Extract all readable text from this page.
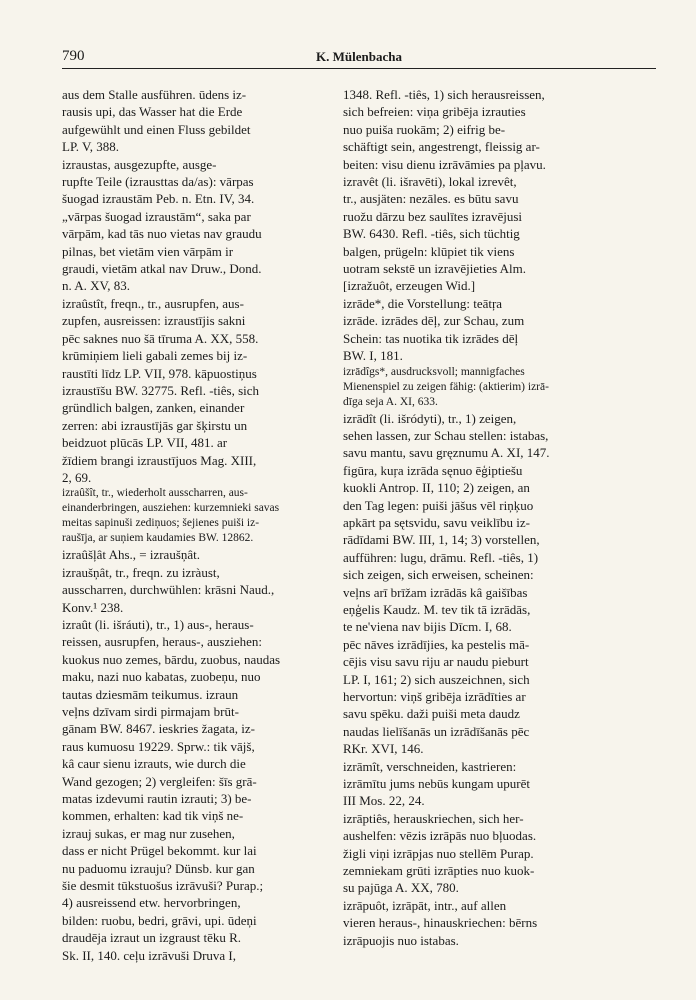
790	K. Mülenbacha
aus dem Stalle ausführen. ūdens iz-
rausis upi, das Wasser hat die Erde
aufgewühlt und einen Fluss gebildet
LP. V, 388.
izraustas, ausgezupfte, ausge-
rupfte Teile (izrausttas da/as): vārpas
šuogad izraustām Peb. n. Etn. IV, 34.
„vārpas šuogad izraustām“, saka par
vārpām, kad tās nuo vietas nav graudu
pilnas, bet vietām vien vārpām ir
graudi, vietām atkal nav Druw., Dond.
n. A. XV, 83.
izraûstît, freqn., tr., ausrupfen, aus-
zupfen, ausreissen: izraustījis sakni
pēc saknes nuo šā tīruma A. XX, 558.
krūmiņiem lieli gabali zemes bij iz-
raustīti līdz LP. VII, 978. kāpuostiņus
izraustīšu BW. 32775. Refl. -tiês, sich
gründlich balgen, zanken, einander
zerren: abi izraustījās gar šķirstu un
beidzuot plūcās LP. VII, 481. ar
žīdiem brangi izraustījuos Mag. XIII,
2, 69.
izraûšît, tr., wiederholt ausscharren, aus-
einanderbringen, ausziehen: kurzemnieki savas
meitas sapinuši zediņuos; šejienes puiši iz-
raušīja, ar suņiem kaudamies BW. 12862.
izraûšļât Ahs., = izraušņât.
izraušņât, tr., freqn. zu izràust,
ausscharren, durchwühlen: krāsni Naud.,
Konv.¹ 238.
izraût (li. išráuti), tr., 1) aus-, heraus-
reissen, ausrupfen, heraus-, ausziehen:
kuokus nuo zemes, bārdu, zuobus, naudas
maku, nazi nuo kabatas, zuobeņu, nuo
tautas dziesmām teikumus. izraun
veļns dzīvam sirdi pirmajam brūt-
gānam BW. 8467. ieskries žagata, iz-
raus kumuosu 19229. Sprw.: tik vājš,
kâ caur sienu izrauts, wie durch die
Wand gezogen; 2) vergleifen: šīs grā-
matas izdevumi rautin izrauti; 3) be-
kommen, erhalten: kad tik viņš ne-
izrauj sukas, er mag nur zusehen,
dass er nicht Prügel bekommt. kur lai
nu paduomu izrauju? Dünsb. kur gan
šie desmit tūkstuošus izrāvuši? Purap.;
4) ausreissend etw. hervorbringen,
bilden: ruobu, bedri, grāvi, upi. ūdeņi
draudēja izraut un izgraust tēku R.
Sk. II, 140. ceļu izrāvuši Druva I,
1348. Refl. -tiês, 1) sich herausreissen,
sich befreien: viņa gribēja izrauties
nuo puiša ruokām; 2) eifrig be-
schäftigt sein, angestrengt, fleissig ar-
beiten: visu dienu izrāvāmies pa pļavu.
izravêt (li. išravēti), lokal izrevêt,
tr., ausjäten: nezāles. es būtu savu
ruožu dārzu bez saulītes izravējusi
BW. 6430. Refl. -tiês, sich tüchtig
balgen, prügeln: klūpiet tik viens
uotram sekstē un izravējieties Alm.
[izražuôt, erzeugen Wid.]
izrāde*, die Vorstellung: teātŗa
izrāde. izrādes dēļ, zur Schau, zum
Schein: tas nuotika tik izrādes dēļ
BW. I, 181.
izrādîgs*, ausdrucksvoll; mannigfaches
Mienenspiel zu zeigen fähig: (aktierim) izrā-
dīga seja A. XI, 633.
izrādît (li. išródyti), tr., 1) zeigen,
sehen lassen, zur Schau stellen: istabas,
savu mantu, savu gręznumu A. XI, 147.
figūra, kuŗa izrāda sęnuo ēģiptiešu
kuokli Antrop. II, 110; 2) zeigen, an
den Tag legen: puiši jāšus vēl riņķuo
apkārt pa sętsvidu, savu veiklību iz-
rādīdami BW. III, 1, 14; 3) vorstellen,
aufführen: lugu, drāmu. Refl. -tiês, 1)
sich zeigen, sich erweisen, scheinen:
veļns arī brīžam izrādās kâ gaišības
eņģelis Kaudz. M. tev tik tā izrādās,
te ne'viena nav bijis Dīcm. I, 68.
pēc nāves izrādījies, ka pestelis mā-
cējis visu savu riju ar naudu pieburt
LP. I, 161; 2) sich auszeichnen, sich
hervortun: viņš gribēja izrādīties ar
savu spēku. daži puiši meta daudz
naudas lielīšanās un izrādīšanās pēc
RKr. XVI, 146.
izrāmît, verschneiden, kastrieren:
izrāmītu jums nebūs kungam upurēt
III Mos. 22, 24.
izrāptiês, herauskriechen, sich her-
aushelfen: vēzis izrāpās nuo bļuodas.
žigli viņi izrāpjas nuo stellēm Purap.
zemniekam grūti izrāpties nuo kuok-
su pajūga A. XX, 780.
izrāpuôt, izrāpāt, intr., auf allen
vieren heraus-, hinauskriechen: bērns
izrāpuojis nuo istabas.
